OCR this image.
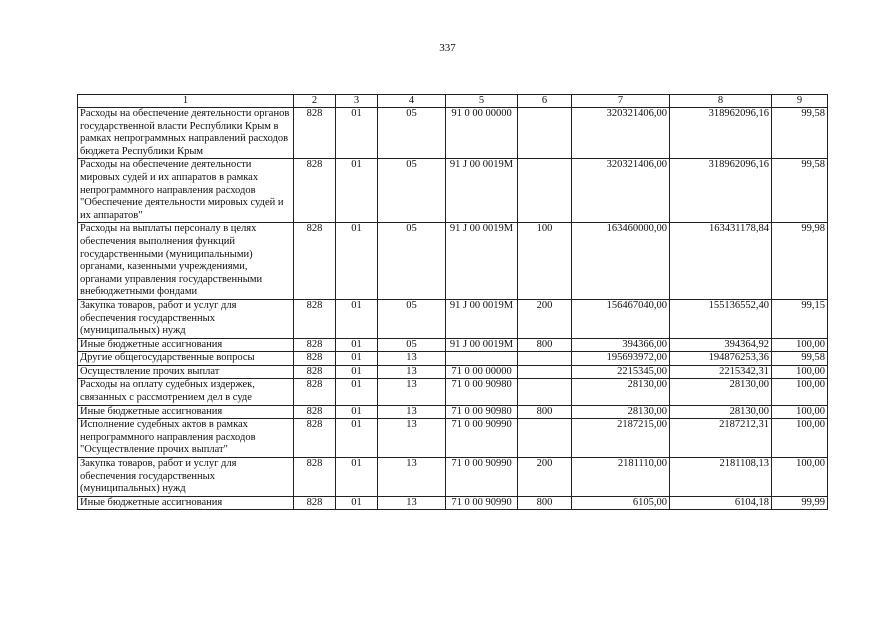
337
1	2	3	4	5	6	7	8	9
Расходы на обеспечение деятельности органов государственной власти Республики Крым в рамках непрограммных направлений расходов бюджета Республики Крым	828	01	05	91 0 00 00000		320321406,00	318962096,16	99,58
Расходы на обеспечение деятельности мировых судей и их аппаратов в рамках непрограммного направления расходов "Обеспечение деятельности мировых судей и их аппаратов"	828	01	05	91 J 00 0019М		320321406,00	318962096,16	99,58
Расходы на выплаты персоналу в целях обеспечения выполнения функций государственными (муниципальными) органами, казенными учреждениями, органами управления государственными внебюджетными фондами	828	01	05	91 J 00 0019М	100	163460000,00	163431178,84	99,98
Закупка товаров, работ и услуг для обеспечения государственных (муниципальных) нужд	828	01	05	91 J 00 0019М	200	156467040,00	155136552,40	99,15
Иные бюджетные ассигнования	828	01	05	91 J 00 0019М	800	394366,00	394364,92	100,00
Другие общегосударственные вопросы	828	01	13			195693972,00	194876253,36	99,58
Осуществление прочих выплат	828	01	13	71 0 00 00000		2215345,00	2215342,31	100,00
Расходы на оплату судебных издержек, связанных с рассмотрением дел в суде	828	01	13	71 0 00 90980		28130,00	28130,00	100,00
Иные бюджетные ассигнования	828	01	13	71 0 00 90980	800	28130,00	28130,00	100,00
Исполнение судебных актов в рамках непрограммного направления расходов "Осуществление прочих выплат"	828	01	13	71 0 00 90990		2187215,00	2187212,31	100,00
Закупка товаров, работ и услуг для обеспечения государственных (муниципальных) нужд	828	01	13	71 0 00 90990	200	2181110,00	2181108,13	100,00
Иные бюджетные ассигнования	828	01	13	71 0 00 90990	800	6105,00	6104,18	99,99
